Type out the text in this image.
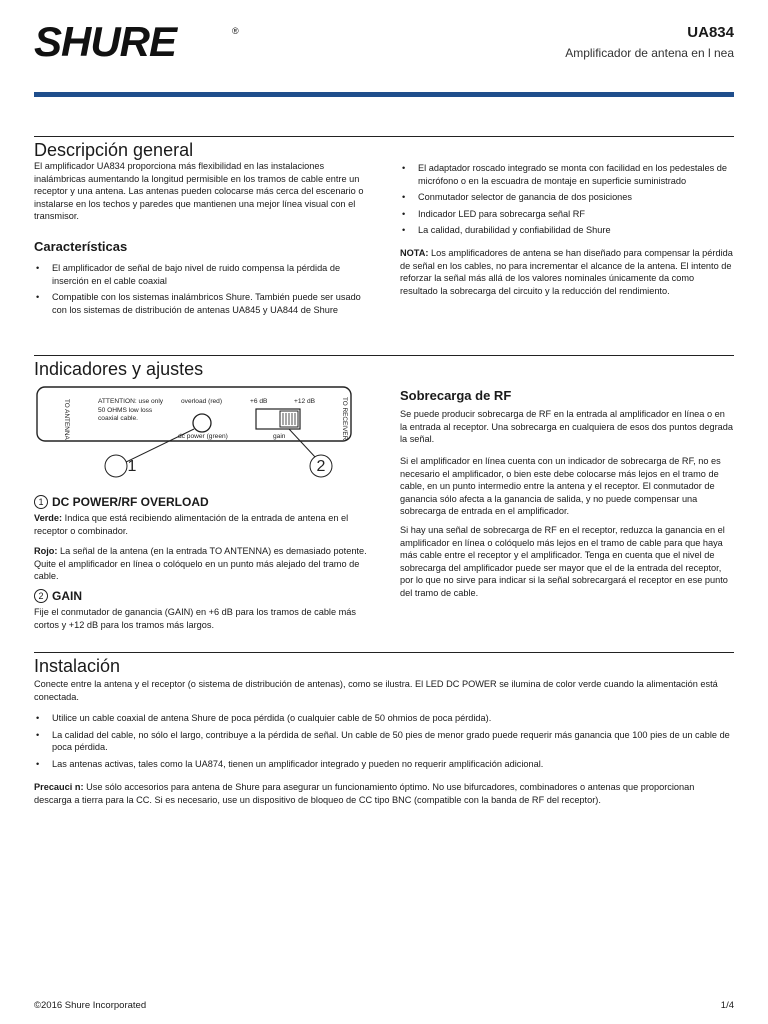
SHURE	®	UA834
Amplificador de antena en l nea
Descripción general
El amplificador UA834 proporciona más flexibilidad en las instalaciones inalámbricas aumentando la longitud permisible en los tramos de cable entre un receptor y una antena. Las antenas pueden colocarse más cerca del escenario o instalarse en los techos y paredes que mantienen una mejor línea visual con el transmisor.
Características
• El amplificador de señal de bajo nivel de ruido compensa la pérdida de inserción en el cable coaxial
• Compatible con los sistemas inalámbricos Shure. También puede ser usado con los sistemas de distribución de antenas UA845 y UA844 de Shure
• El adaptador roscado integrado se monta con facilidad en los pedestales de micrófono o en la escuadra de montaje en superficie suministrado
• Conmutador selector de ganancia de dos posiciones
• Indicador LED para sobrecarga señal RF
• La calidad, durabilidad y confiabilidad de Shure
NOTA: Los amplificadores de antena se han diseñado para compensar la pérdida de señal en los cables, no para incrementar el alcance de la antena. El intento de reforzar la señal más allá de los valores nominales únicamente da como resultado la sobrecarga del circuito y la reducción del rendimiento.
Indicadores y ajustes
1	2
TO ANTENNA	ATTENTION: use only 50 OHMS low loss coaxial cable.
overload (red)
dc power (green)
+6 dB	+12 dB
gain	TO RECEIVER
1 DC POWER/RF OVERLOAD
Verde: Indica que está recibiendo alimentación de la entrada de antena en el receptor o combinador.
Rojo: La señal de la antena (en la entrada TO ANTENNA) es demasiado potente. Quite el amplificador en línea o colóquelo en un punto más alejado del tramo de cable.
2 GAIN
Fije el conmutador de ganancia (GAIN) en +6 dB para los tramos de cable más cortos y +12 dB para los tramos más largos.
Sobrecarga de RF
Se puede producir sobrecarga de RF en la entrada al amplificador en línea o en la entrada al receptor. Una sobrecarga en cualquiera de esos dos puntos degrada la señal.
Si el amplificador en línea cuenta con un indicador de sobrecarga de RF, no es necesario el amplificador, o bien este debe colocarse más lejos en el tramo de cable, en un punto intermedio entre la antena y el receptor. El conmutador de ganancia sólo afecta a la ganancia de salida, y no puede compensar una sobrecarga de entrada en el amplificador.
Si hay una señal de sobrecarga de RF en el receptor, reduzca la ganancia en el amplificador en línea o colóquelo más lejos en el tramo de cable para que haya más cable entre el receptor y el amplificador. Tenga en cuenta que el nivel de sobrecarga del amplificador puede ser mayor que el de la entrada del receptor, por lo que no sirve para indicar si la señal sobrecargará el receptor en ese punto del tramo de cable.
Instalación
Conecte entre la antena y el receptor (o sistema de distribución de antenas), como se ilustra. El LED DC POWER se ilumina de color verde cuando la alimentación está conectada.
• Utilice un cable coaxial de antena Shure de poca pérdida (o cualquier cable de 50 ohmios de poca pérdida).
• La calidad del cable, no sólo el largo, contribuye a la pérdida de señal. Un cable de 50 pies de menor grado puede requerir más ganancia que 100 pies de un cable de poca pérdida.
• Las antenas activas, tales como la UA874, tienen un amplificador integrado y pueden no requerir amplificación adicional.
Precauci n: Use sólo accesorios para antena de Shure para asegurar un funcionamiento óptimo. No use bifurcadores, combinadores o antenas que proporcionan descarga a tierra para la CC. Si es necesario, use un dispositivo de bloqueo de CC tipo BNC (compatible con la banda de RF del receptor).
©2016 Shure Incorporated	1/4
